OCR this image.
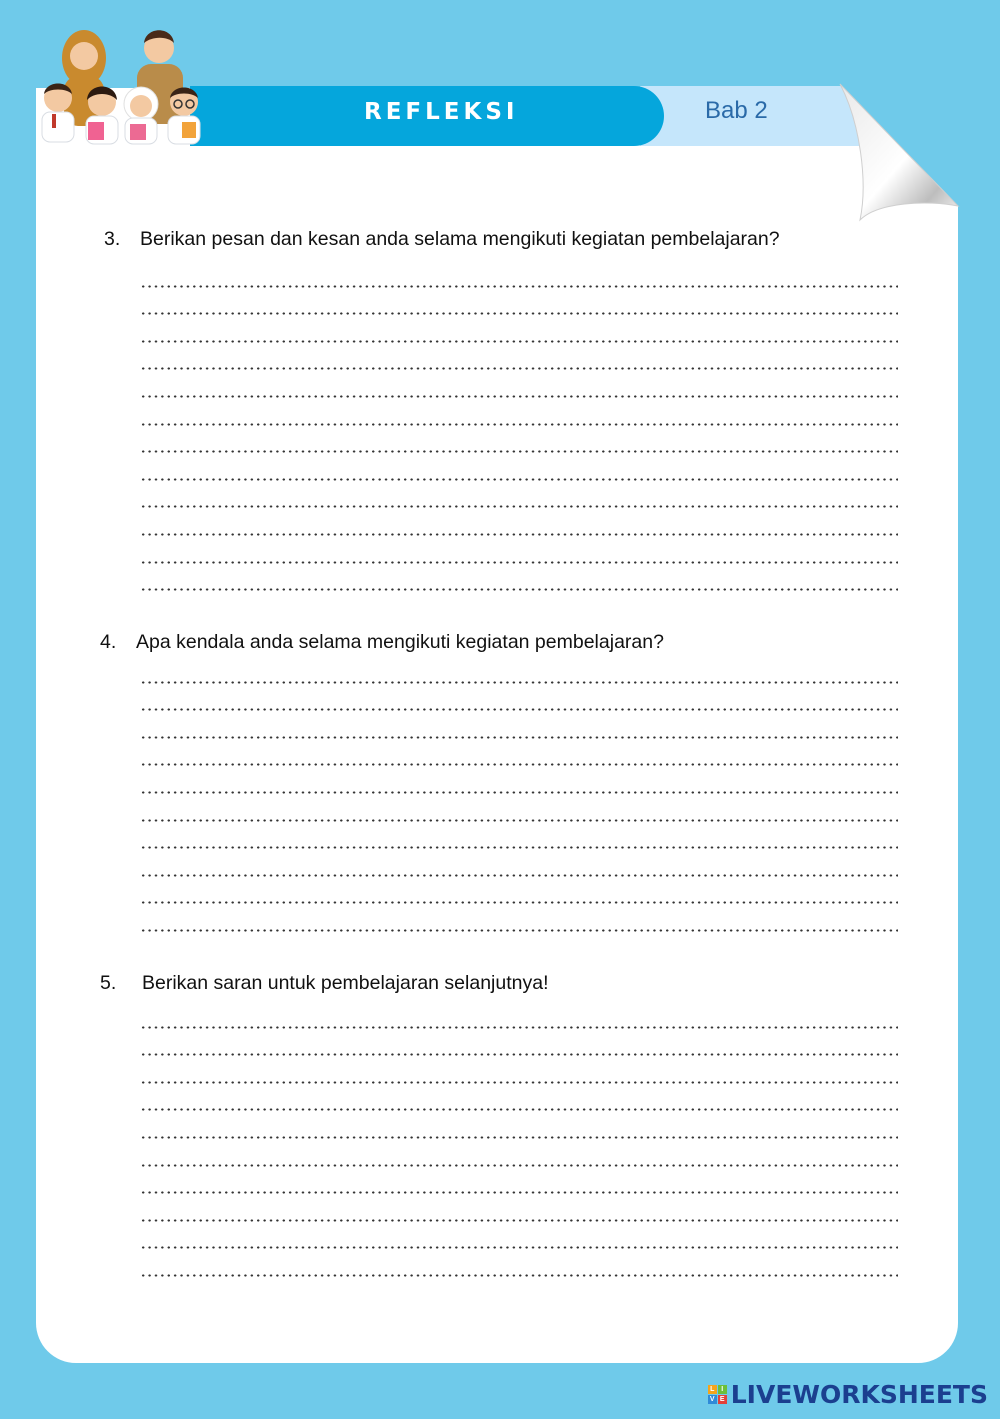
REFLEKSI	Bab 2
3. Berikan pesan dan kesan anda selama mengikuti kegiatan pembelajaran?
4. Apa kendala anda selama mengikuti kegiatan pembelajaran?
5. Berikan saran untuk pembelajaran selanjutnya!
L I
V E LIVEWORKSHEETS
